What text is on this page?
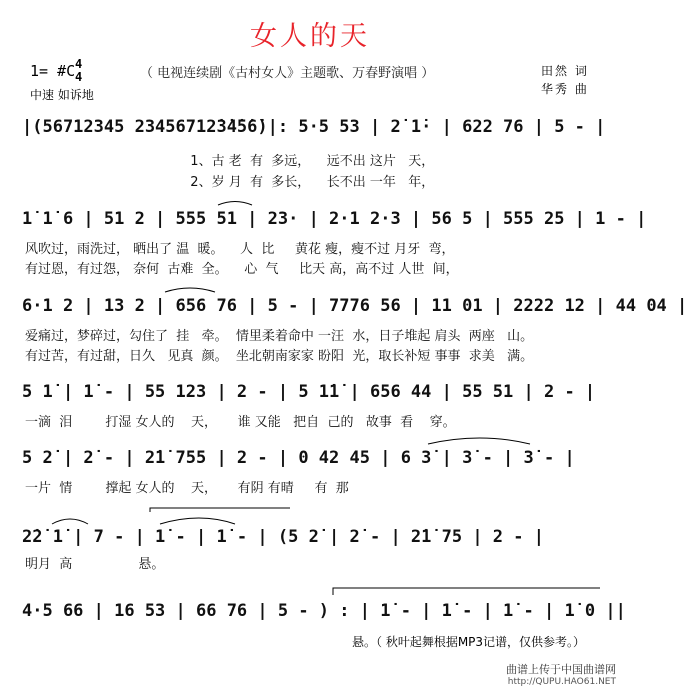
女人的天
1= #C 4
4	（ 电视连续剧《古村女人》主题歌、万春野演唱 ）
中速 如诉地
田然 词
华秀 曲
|(56712345 23456712̇3̇4̇5̇6̇)|: 5·5 53 | 2̇ 1̇· | 622 76 | 5 - |
1、古 老  有  多远，    远不出 这片   天，
2、岁 月  有  多长，    长不出 一年   年，
1̇ 1̇ 6 | 51 2 | 555 51 | 23· | 2·1 2·3 | 56 5 | 555 25 | 1 - |
风吹过，雨洗过， 晒出了 温  暖。    人  比     黄花 瘦，瘦不过 月牙  弯，
有过恩，有过怨， 奈何  古难  全。    心  气     比天 高，高不过 人世  间，
6·1 2 | 13 2 | 656 76 | 5 - | 7776 56 | 11 01 | 2222 12 | 44 04 |
爱痛过，梦碎过，勾住了  挂   牵。  情里柔着命中 一汪  水，日子堆起 肩头  两座   山。
有过苦，有过甜，日久   见真  颜。  坐北朝南家家 盼阳  光，取长补短 事事  求美   满。
5 1̇ | 1̇ - | 55 123 | 2 - | 5 1̇1̇ | 656 44 | 55 51 | 2 - |
一滴  泪        打湿 女人的    天，     谁 又能   把自  己的   故事  看    穿。
5 2̇ | 2̇ - | 2̇1̇ 755 | 2 - | 0 42 45 | 6 3̇ | 3̇ - | 3̇ - |
一片  情        撑起 女人的    天，     有阴 有晴     有  那
2̇2̇ 1̇ | 7 - | 1̇ - | 1̇ - | (5 2̇ | 2̇ - | 2̇1̇ 75 | 2 - |
明月  高                悬。
4·5 66 | 16 53 | 66 76 | 5 - ) : | 1̇ - | 1̇ - | 1̇ - | 1̇ 0 ||
悬。（ 秋叶起舞根据MP3记谱，仅供参考。）
曲谱上传于中国曲谱网
http://QUPU.HAO61.NET
